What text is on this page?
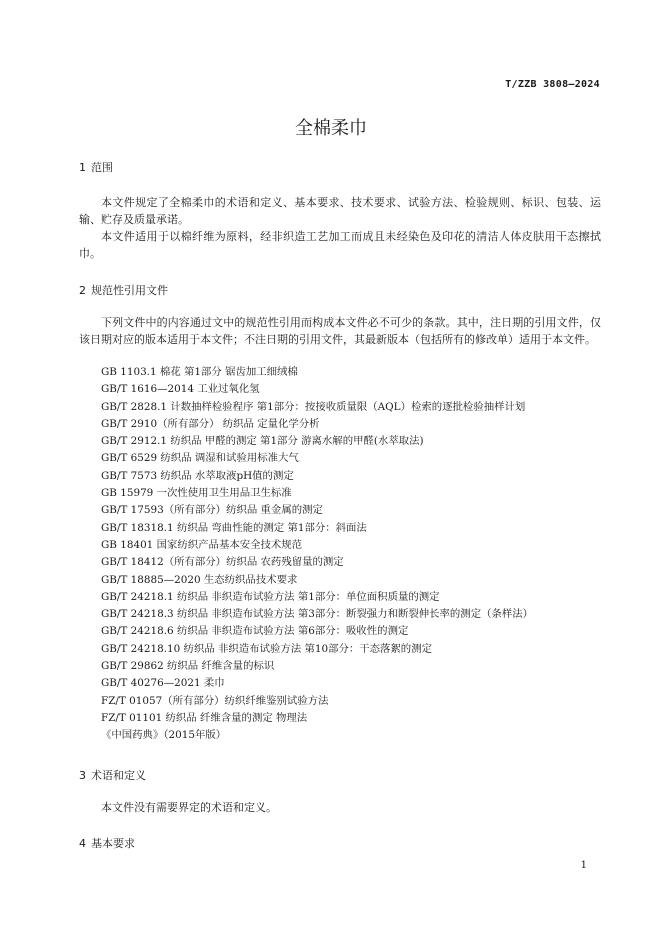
T/ZZB 3808—2024
全棉柔巾
1 范围
本文件规定了全棉柔巾的术语和定义、基本要求、技术要求、试验方法、检验规则、标识、包装、运输、贮存及质量承诺。
本文件适用于以棉纤维为原料，经非织造工艺加工而成且未经染色及印花的清洁人体皮肤用干态擦拭巾。
2 规范性引用文件
下列文件中的内容通过文中的规范性引用而构成本文件必不可少的条款。其中，注日期的引用文件，仅该日期对应的版本适用于本文件；不注日期的引用文件，其最新版本（包括所有的修改单）适用于本文件。
GB 1103.1 棉花 第1部分 锯齿加工细绒棉
GB/T 1616—2014 工业过氧化氢
GB/T 2828.1 计数抽样检验程序 第1部分：按接收质量限（AQL）检索的逐批检验抽样计划
GB/T 2910（所有部分） 纺织品 定量化学分析
GB/T 2912.1 纺织品 甲醛的测定 第1部分 游离水解的甲醛(水萃取法)
GB/T 6529 纺织品 调湿和试验用标准大气
GB/T 7573 纺织品 水萃取液pH值的测定
GB 15979 一次性使用卫生用品卫生标准
GB/T 17593（所有部分）纺织品 重金属的测定
GB/T 18318.1 纺织品 弯曲性能的测定 第1部分：斜面法
GB 18401 国家纺织产品基本安全技术规范
GB/T 18412（所有部分）纺织品 农药残留量的测定
GB/T 18885—2020 生态纺织品技术要求
GB/T 24218.1 纺织品 非织造布试验方法 第1部分：单位面积质量的测定
GB/T 24218.3 纺织品 非织造布试验方法 第3部分：断裂强力和断裂伸长率的测定（条样法）
GB/T 24218.6 纺织品 非织造布试验方法 第6部分：吸收性的测定
GB/T 24218.10 纺织品 非织造布试验方法 第10部分：干态落絮的测定
GB/T 29862 纺织品 纤维含量的标识
GB/T 40276—2021 柔巾
FZ/T 01057（所有部分）纺织纤维鉴别试验方法
FZ/T 01101 纺织品 纤维含量的测定 物理法
《中国药典》（2015年版）
3 术语和定义
本文件没有需要界定的术语和定义。
4 基本要求
1
